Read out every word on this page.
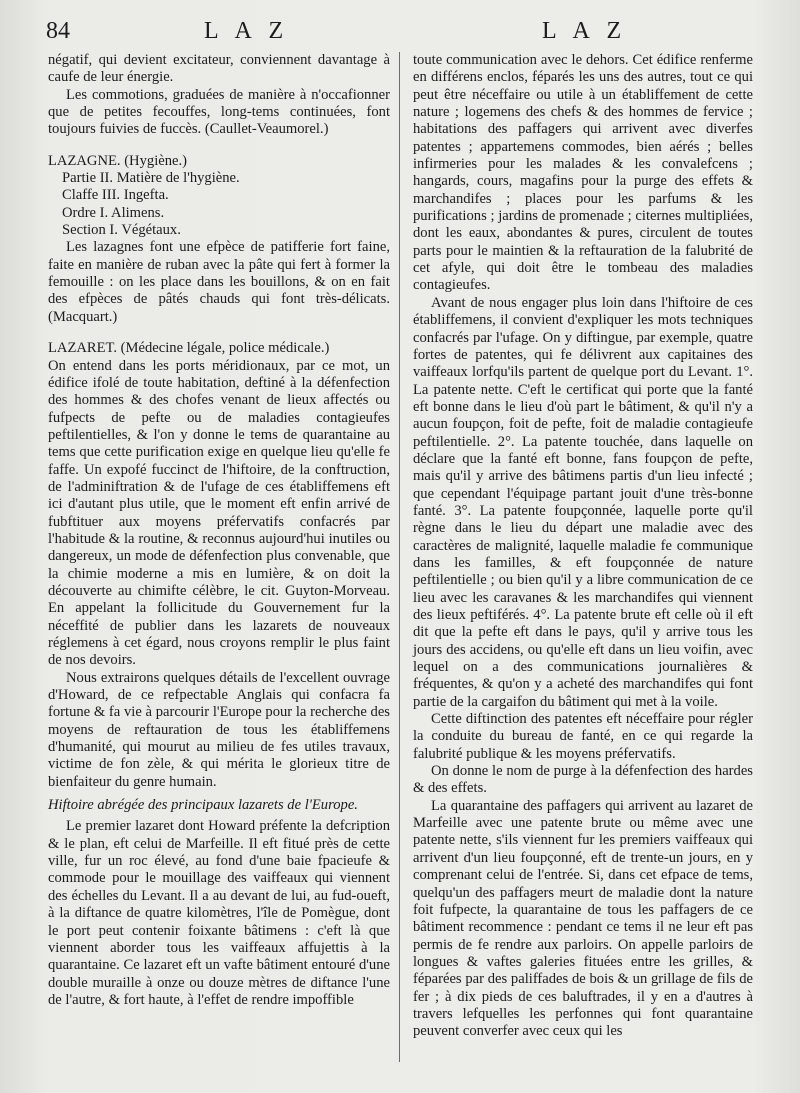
84	L A Z	L A Z

négatif, qui devient excitateur, conviennent davantage à caufe de leur énergie.

Les commotions, graduées de manière à n'occafionner que de petites fecouffes, long-tems continuées, font toujours fuivies de fuccès. (Caullet-Veaumorel.)

LAZAGNE. (Hygiène.)

Partie II. Matière de l'hygiène.

Claffe III. Ingefta.

Ordre I. Alimens.

Section I. Végétaux.

Les lazagnes font une efpèce de patifferie fort faine, faite en manière de ruban avec la pâte qui fert à former la femouille : on les place dans les bouillons, & on en fait des efpèces de pâtés chauds qui font très-délicats. (Macquart.)

LAZARET. (Médecine légale, police médicale.)

On entend dans les ports méridionaux, par ce mot, un édifice ifolé de toute habitation, deftiné à la défenfection des hommes & des chofes venant de lieux affectés ou fufpects de pefte ou de maladies contagieufes peftilentielles, & l'on y donne le tems de quarantaine au tems que cette purification exige en quelque lieu qu'elle fe faffe. Un expofé fuccinct de l'hiftoire, de la conftruction, de l'adminiftration & de l'ufage de ces établiffemens eft ici d'autant plus utile, que le moment eft enfin arrivé de fubftituer aux moyens préfervatifs confacrés par l'habitude & la routine, & reconnus aujourd'hui inutiles ou dangereux, un mode de défenfection plus convenable, que la chimie moderne a mis en lumière, & on doit la découverte au chimifte célèbre, le cit. Guyton-Morveau. En appelant la follicitude du Gouvernement fur la néceffité de publier dans les lazarets de nouveaux réglemens à cet égard, nous croyons remplir le plus faint de nos devoirs.

Nous extrairons quelques détails de l'excellent ouvrage d'Howard, de ce refpectable Anglais qui confacra fa fortune & fa vie à parcourir l'Europe pour la recherche des moyens de reftauration de tous les établiffemens d'humanité, qui mourut au milieu de fes utiles travaux, victime de fon zèle, & qui mérita le glorieux titre de bienfaiteur du genre humain.

Hiftoire abrégée des principaux lazarets de l'Europe.

Le premier lazaret dont Howard préfente la defcription & le plan, eft celui de Marfeille. Il eft fitué près de cette ville, fur un roc élevé, au fond d'une baie fpacieufe & commode pour le mouillage des vaiffeaux qui viennent des échelles du Levant. Il a au devant de lui, au fud-oueft, à la diftance de quatre kilomètres, l'île de Pomègue, dont le port peut contenir foixante bâtimens : c'eft là que viennent aborder tous les vaiffeaux affujettis à la quarantaine. Ce lazaret eft un vafte bâtiment entouré d'une double muraille à onze ou douze mètres de diftance l'une de l'autre, & fort haute, à l'effet de rendre impoffible

toute communication avec le dehors. Cet édifice renferme en différens enclos, féparés les uns des autres, tout ce qui peut être néceffaire ou utile à un établiffement de cette nature ; logemens des chefs & des hommes de fervice ; habitations des paffagers qui arrivent avec diverfes patentes ; appartemens commodes, bien aérés ; belles infirmeries pour les malades & les convalefcens ; hangards, cours, magafins pour la purge des effets & marchandifes ; places pour les parfums & les purifications ; jardins de promenade ; citernes multipliées, dont les eaux, abondantes & pures, circulent de toutes parts pour le maintien & la reftauration de la falubrité de cet afyle, qui doit être le tombeau des maladies contagieufes.

Avant de nous engager plus loin dans l'hiftoire de ces établiffemens, il convient d'expliquer les mots techniques confacrés par l'ufage. On y diftingue, par exemple, quatre fortes de patentes, qui fe délivrent aux capitaines des vaiffeaux lorfqu'ils partent de quelque port du Levant. 1°. La patente nette. C'eft le certificat qui porte que la fanté eft bonne dans le lieu d'où part le bâtiment, & qu'il n'y a aucun foupçon, foit de pefte, foit de maladie contagieufe peftilentielle. 2°. La patente touchée, dans laquelle on déclare que la fanté eft bonne, fans foupçon de pefte, mais qu'il y arrive des bâtimens partis d'un lieu infecté ; que cependant l'équipage partant jouit d'une très-bonne fanté. 3°. La patente foupçonnée, laquelle porte qu'il règne dans le lieu du départ une maladie avec des caractères de malignité, laquelle maladie fe communique dans les familles, & eft foupçonnée de nature peftilentielle ; ou bien qu'il y a libre communication de ce lieu avec les caravanes & les marchandifes qui viennent des lieux peftiférés. 4°. La patente brute eft celle où il eft dit que la pefte eft dans le pays, qu'il y arrive tous les jours des accidens, ou qu'elle eft dans un lieu voifin, avec lequel on a des communications journalières & fréquentes, & qu'on y a acheté des marchandifes qui font partie de la cargaifon du bâtiment qui met à la voile.

Cette diftinction des patentes eft néceffaire pour régler la conduite du bureau de fanté, en ce qui regarde la falubrité publique & les moyens préfervatifs.

On donne le nom de purge à la défenfection des hardes & des effets.

La quarantaine des paffagers qui arrivent au lazaret de Marfeille avec une patente brute ou même avec une patente nette, s'ils viennent fur les premiers vaiffeaux qui arrivent d'un lieu foupçonné, eft de trente-un jours, en y comprenant celui de l'entrée. Si, dans cet efpace de tems, quelqu'un des paffagers meurt de maladie dont la nature foit fufpecte, la quarantaine de tous les paffagers de ce bâtiment recommence : pendant ce tems il ne leur eft pas permis de fe rendre aux parloirs. On appelle parloirs de longues & vaftes galeries fituées entre les grilles, & féparées par des paliffades de bois & un grillage de fils de fer ; à dix pieds de ces baluftrades, il y en a d'autres à travers lefquelles les perfonnes qui font quarantaine peuvent converfer avec ceux qui les
